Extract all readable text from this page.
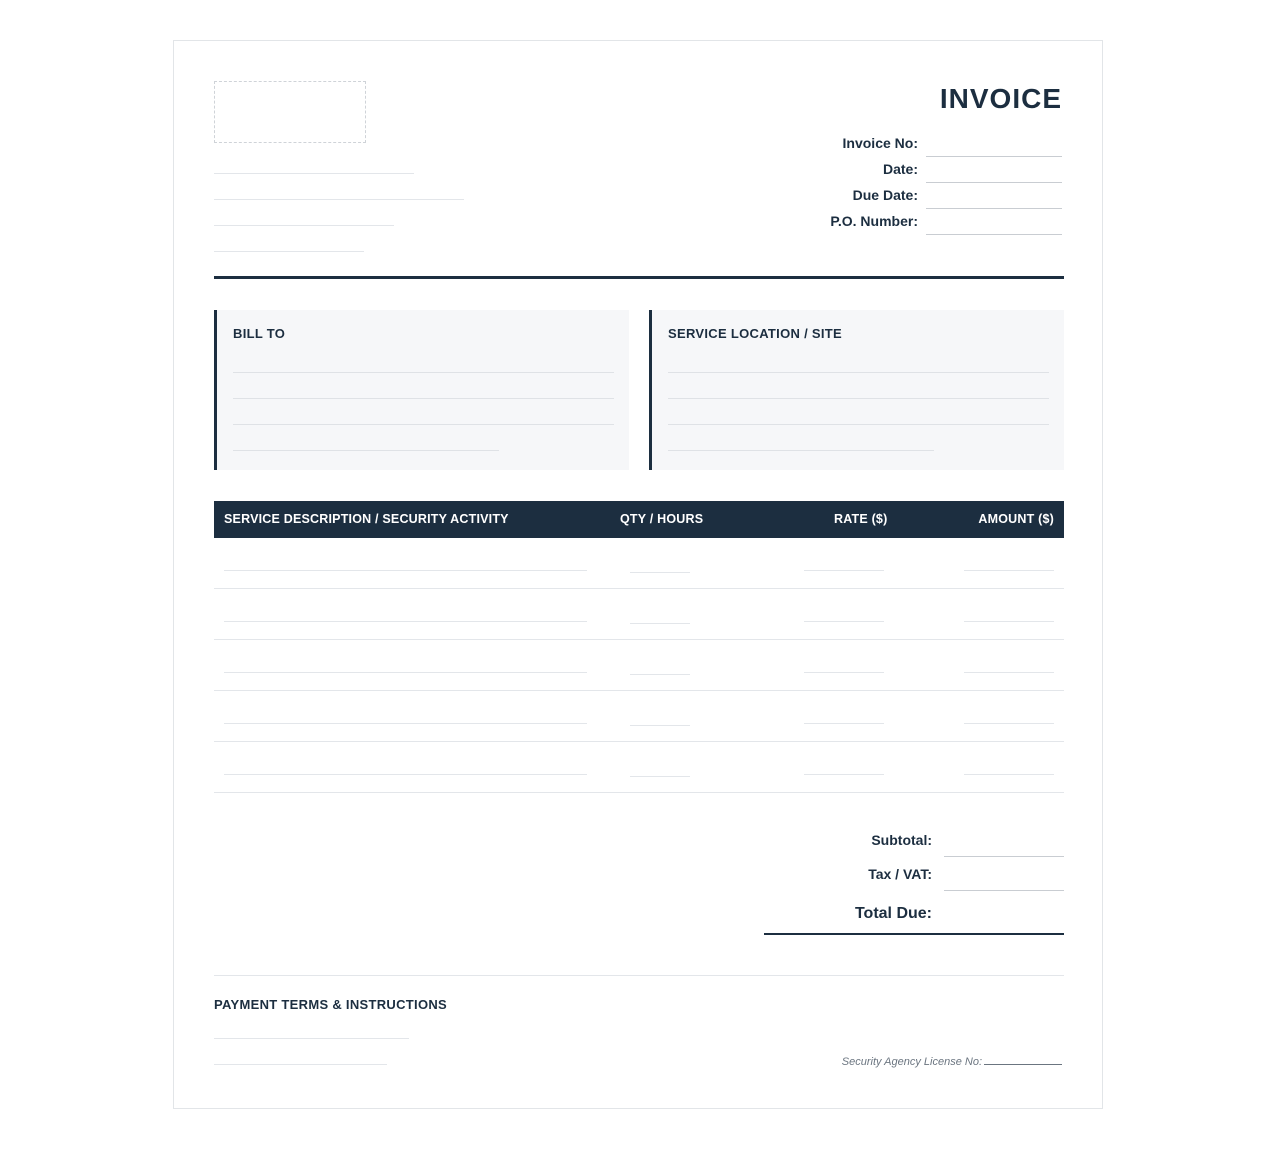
INVOICE
Invoice No:
Date:
Due Date:
P.O. Number:
BILL TO	SERVICE LOCATION / SITE
SERVICE DESCRIPTION / SECURITY ACTIVITY	QTY / HOURS	RATE ($)	AMOUNT ($)
Subtotal:
Tax / VAT:
Total Due:
PAYMENT TERMS & INSTRUCTIONS
Security Agency License No:
